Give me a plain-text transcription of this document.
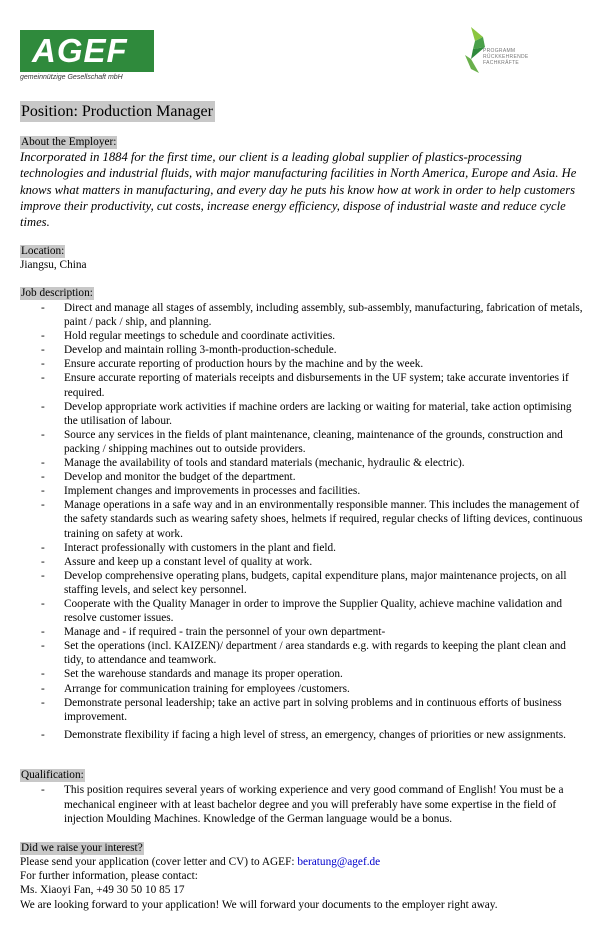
AGEF
gemeinnützige Gesellschaft mbH
PROGRAMM
RÜCKKEHRENDE
FACHKRÄFTE
Position: Production Manager
About the Employer:

Incorporated in 1884 for the first time, our client is a leading global supplier of plastics-processing technologies and industrial fluids, with major manufacturing facilities in North America, Europe and Asia. He knows what matters in manufacturing, and every day he puts his know how at work in order to help customers improve their productivity, cut costs, increase energy efficiency, dispose of industrial waste and reduce cycle times.

Location:

Jiangsu, China

Job description:
- Direct and manage all stages of assembly, including assembly, sub-assembly, manufacturing, fabrication of metals, paint / pack / ship, and planning.
- Hold regular meetings to schedule and coordinate activities.
- Develop and maintain rolling 3-month-production-schedule.
- Ensure accurate reporting of production hours by the machine and by the week.
- Ensure accurate reporting of materials receipts and disbursements in the UF system; take accurate inventories if required.
- Develop appropriate work activities if machine orders are lacking or waiting for material, take action optimising the utilisation of labour.
- Source any services in the fields of plant maintenance, cleaning, maintenance of the grounds, construction and packing / shipping machines out to outside providers.
- Manage the availability of tools and standard materials (mechanic, hydraulic & electric).
- Develop and monitor the budget of the department.
- Implement changes and improvements in processes and facilities.
- Manage operations in a safe way and in an environmentally responsible manner. This includes the management of the safety standards such as wearing safety shoes, helmets if required, regular checks of lifting devices, continuous training on safety at work.
- Interact professionally with customers in the plant and field.
- Assure and keep up a constant level of quality at work.
- Develop comprehensive operating plans, budgets, capital expenditure plans, major maintenance projects, on all staffing levels, and select key personnel.
- Cooperate with the Quality Manager in order to improve the Supplier Quality, achieve machine validation and resolve customer issues.
- Manage and - if required - train the personnel of your own department-
- Set the operations (incl. KAIZEN)/ department / area standards e.g. with regards to keeping the plant clean and tidy, to attendance and teamwork.
- Set the warehouse standards and manage its proper operation.
- Arrange for communication training for employees /customers.
- Demonstrate personal leadership; take an active part in solving problems and in continuous efforts of business improvement.
- Demonstrate flexibility if facing a high level of stress, an emergency, changes of priorities or new assignments.
Qualification:
- This position requires several years of working experience and very good command of English! You must be a mechanical engineer with at least bachelor degree and you will preferably have some expertise in the field of injection Moulding Machines. Knowledge of the German language would be a bonus.
Did we raise your interest?

Please send your application (cover letter and CV) to AGEF: beratung@agef.de

For further information, please contact:

Ms. Xiaoyi Fan, +49 30 50 10 85 17

We are looking forward to your application! We will forward your documents to the employer right away.
